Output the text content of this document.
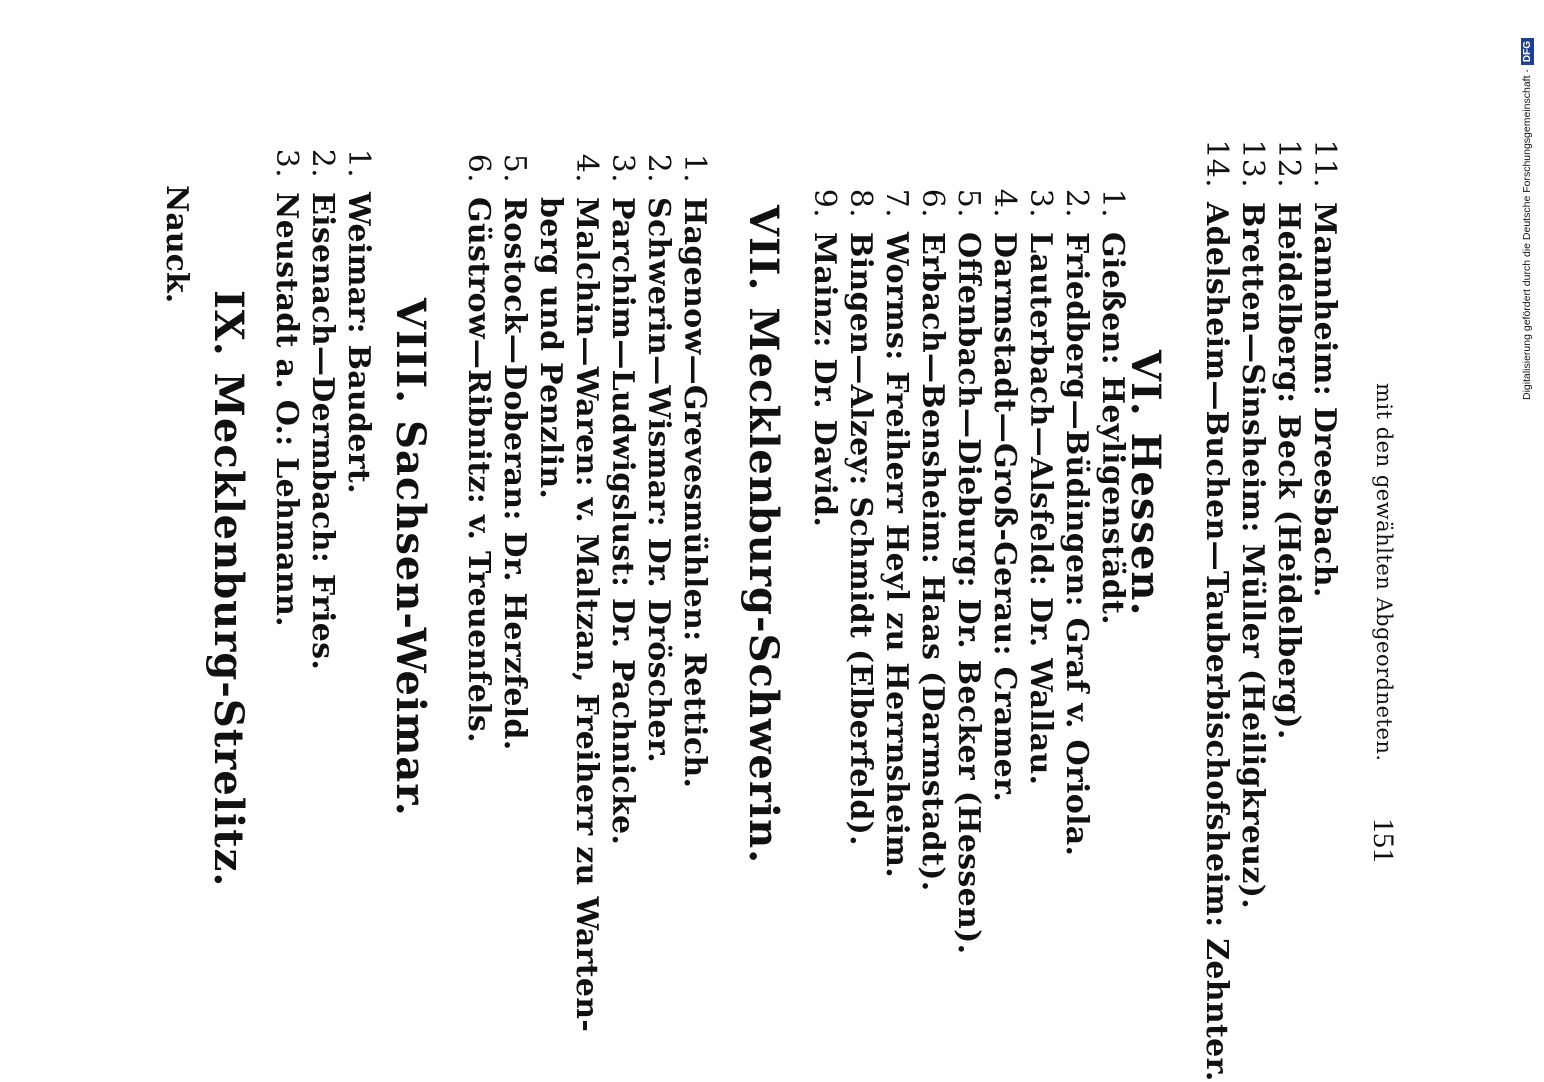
mit den gewählten Abgeordneten.
151
11.Mannheim: Dreesbach.
12.Heidelberg: Beck (Heidelberg).
13.Bretten—Sinsheim: Müller (Heiligkreuz).
14.Adelsheim—Buchen—Tauberbischofsheim: Zehnter.
VI.Hessen.
1.Gießen: Heyligenstädt.
2.Friedberg—Büdingen: Graf v. Oriola.
3.Lauterbach—Alsfeld: Dr. Wallau.
4.Darmstadt—Groß-Gerau: Cramer.
5.Offenbach—Dieburg: Dr. Becker (Hessen).
6.Erbach—Bensheim: Haas (Darmstadt).
7.Worms: Freiherr Heyl zu Herrnsheim.
8.Bingen—Alzey: Schmidt (Elberfeld).
9.Mainz: Dr. David.
VII.Mecklenburg-Schwerin.
1.Hagenow—Grevesmühlen: Rettich.
2.Schwerin—Wismar: Dr. Dröscher.
3.Parchim—Ludwigslust: Dr. Pachnicke.
4.Malchin—Waren: v. Maltzan, Freiherr zu Warten-
berg und Penzlin.
5.Rostock—Doberan: Dr. Herzfeld.
6.Güstrow—Ribnitz: v. Treuenfels.
VIII.Sachsen-Weimar.
1.Weimar: Baudert.
2.Eisenach—Dermbach: Fries.
3.Neustadt a. O.: Lehmann.
IX.Mecklenburg-Strelitz.
Nauck.	Digitalisierung gefördert durch die Deutsche Forschungsgemeinschaft -
DFG
